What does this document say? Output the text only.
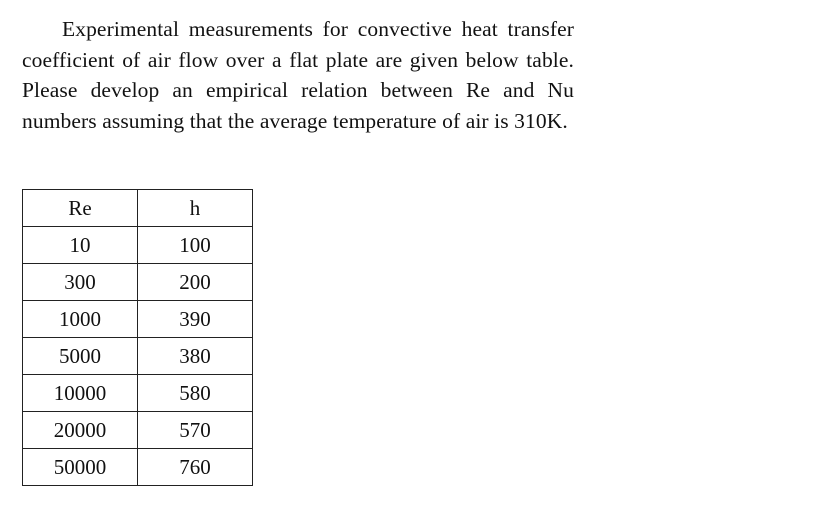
Experimental measurements for convective heat transfer coefficient of air flow over a flat plate are given below table. Please develop an empirical relation between Re and Nu numbers assuming that the average temperature of air is 310K.

Re	h
10	100
300	200
1000	390
5000	380
10000	580
20000	570
50000	760
